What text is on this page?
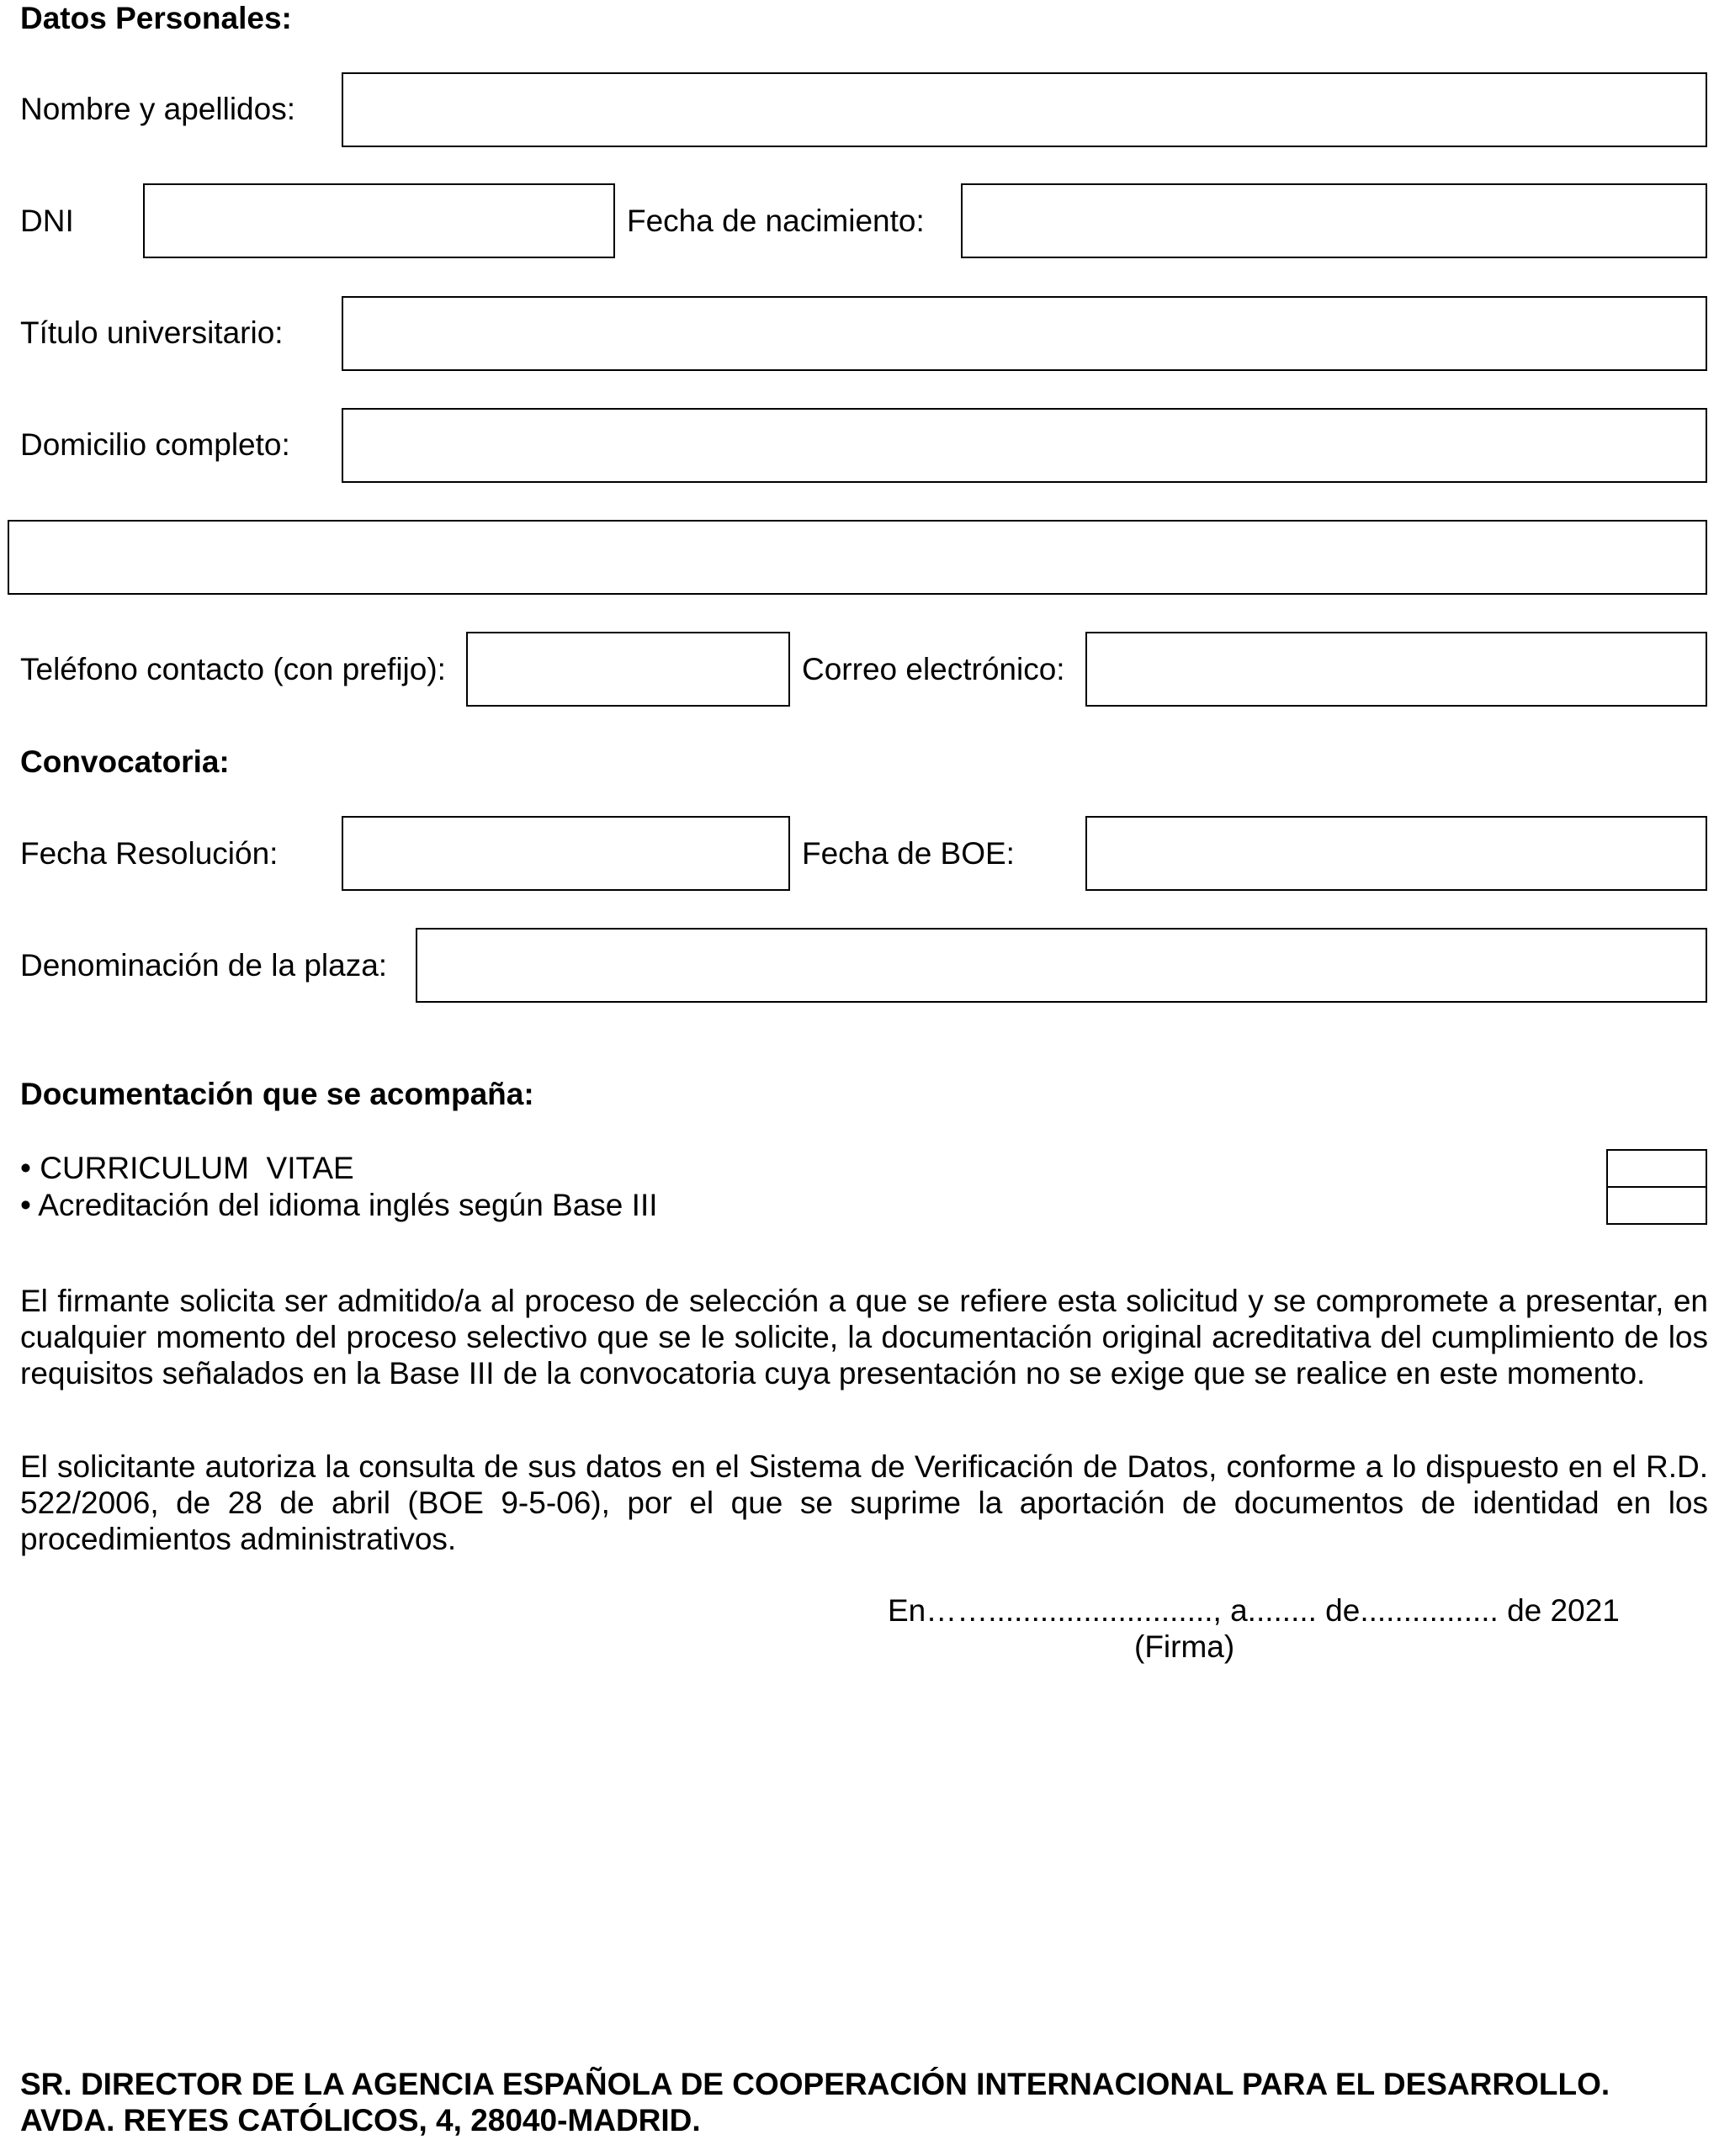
Datos Personales:
Nombre y apellidos:
DNI	Fecha de nacimiento:
Título universitario:
Domicilio completo:
Teléfono contacto (con prefijo):	Correo electrónico:
Convocatoria:
Fecha Resolución:	Fecha de BOE:
Denominación de la plaza:
Documentación que se acompaña:
• CURRICULUM  VITAE
• Acreditación del idioma inglés según Base III
El firmante solicita ser admitido/a al proceso de selección a que se refiere esta solicitud y se compromete a presentar, en cualquier momento del proceso selectivo que se le solicite, la documentación original acreditativa del cumplimiento de los requisitos señalados en la Base III de la convocatoria cuya presentación no se exige que se realice en este momento.
El solicitante autoriza la consulta de sus datos en el Sistema de Verificación de Datos, conforme a lo dispuesto en el R.D. 522/2006, de 28 de abril (BOE 9-5-06), por el que se suprime la aportación de documentos de identidad en los procedimientos administrativos.
En…….........................., a........ de................ de 2021
(Firma)
SR. DIRECTOR DE LA AGENCIA ESPAÑOLA DE COOPERACIÓN INTERNACIONAL PARA EL DESARROLLO.
AVDA. REYES CATÓLICOS, 4, 28040-MADRID.
